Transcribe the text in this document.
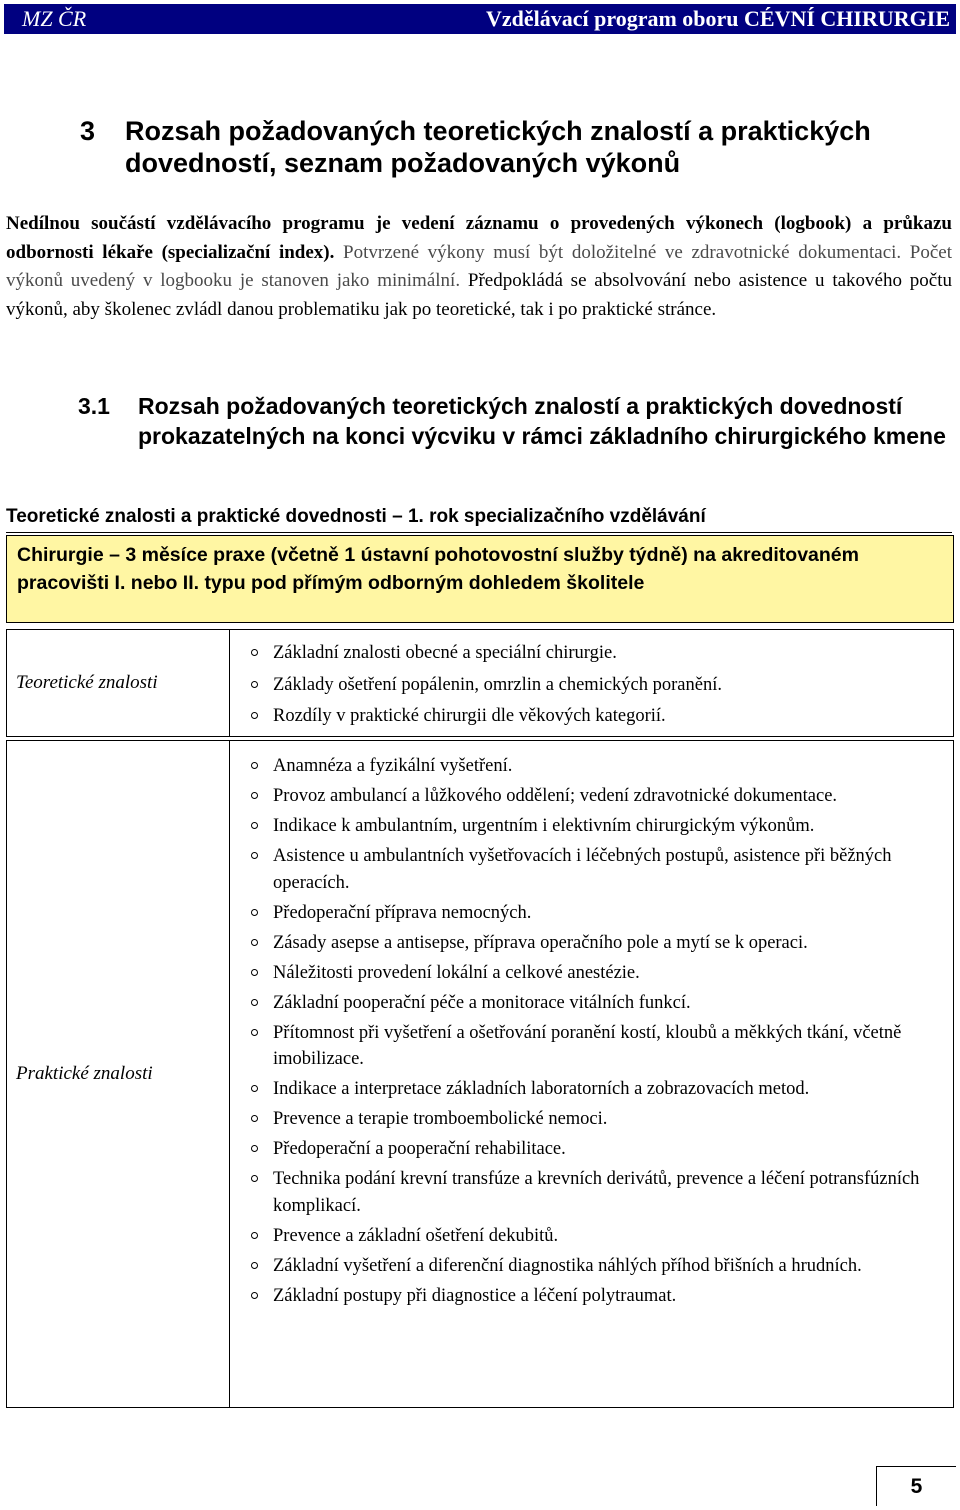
MZ ČR	Vzdělávací program oboru CÉVNÍ CHIRURGIE
3 Rozsah požadovaných teoretických znalostí a praktických dovedností, seznam požadovaných výkonů

Nedílnou součástí vzdělávacího programu je vedení záznamu o provedených výkonech (logbook) a průkazu odbornosti lékaře (specializační index). Potvrzené výkony musí být doložitelné ve zdravotnické dokumentaci. Počet výkonů uvedený v logbooku je stanoven jako minimální. Předpokládá se absolvování nebo asistence u takového počtu výkonů, aby školenec zvládl danou problematiku jak po teoretické, tak i po praktické stránce.

3.1 Rozsah požadovaných teoretických znalostí a praktických dovedností prokazatelných na konci výcviku v rámci základního chirurgického kmene
Teoretické znalosti a praktické dovednosti – 1. rok specializačního vzdělávání
Chirurgie – 3 měsíce praxe (včetně 1 ústavní pohotovostní služby týdně) na akreditovaném pracovišti I. nebo II. typu pod přímým odborným dohledem školitele
Teoretické znalosti
Základní znalosti obecné a speciální chirurgie.
Základy ošetření popálenin, omrzlin a chemických poranění.
Rozdíly v praktické chirurgii dle věkových kategorií.
Praktické znalosti
Anamnéza a fyzikální vyšetření.
Provoz ambulancí a lůžkového oddělení; vedení zdravotnické dokumentace.
Indikace k ambulantním, urgentním i elektivním chirurgickým výkonům.
Asistence u ambulantních vyšetřovacích i léčebných postupů, asistence při běžných operacích.
Předoperační příprava nemocných.
Zásady asepse a antisepse, příprava operačního pole a mytí se k operaci.
Náležitosti provedení lokální a celkové anestézie.
Základní pooperační péče a monitorace vitálních funkcí.
Přítomnost při vyšetření a ošetřování poranění kostí, kloubů a měkkých tkání, včetně imobilizace.
Indikace a interpretace základních laboratorních a zobrazovacích metod.
Prevence a terapie tromboembolické nemoci.
Předoperační a pooperační rehabilitace.
Technika podání krevní transfúze a krevních derivátů, prevence a léčení potransfúzních komplikací.
Prevence a základní ošetření dekubitů.
Základní vyšetření a diferenční diagnostika náhlých příhod břišních a hrudních.
Základní postupy při diagnostice a léčení polytraumat.
5
